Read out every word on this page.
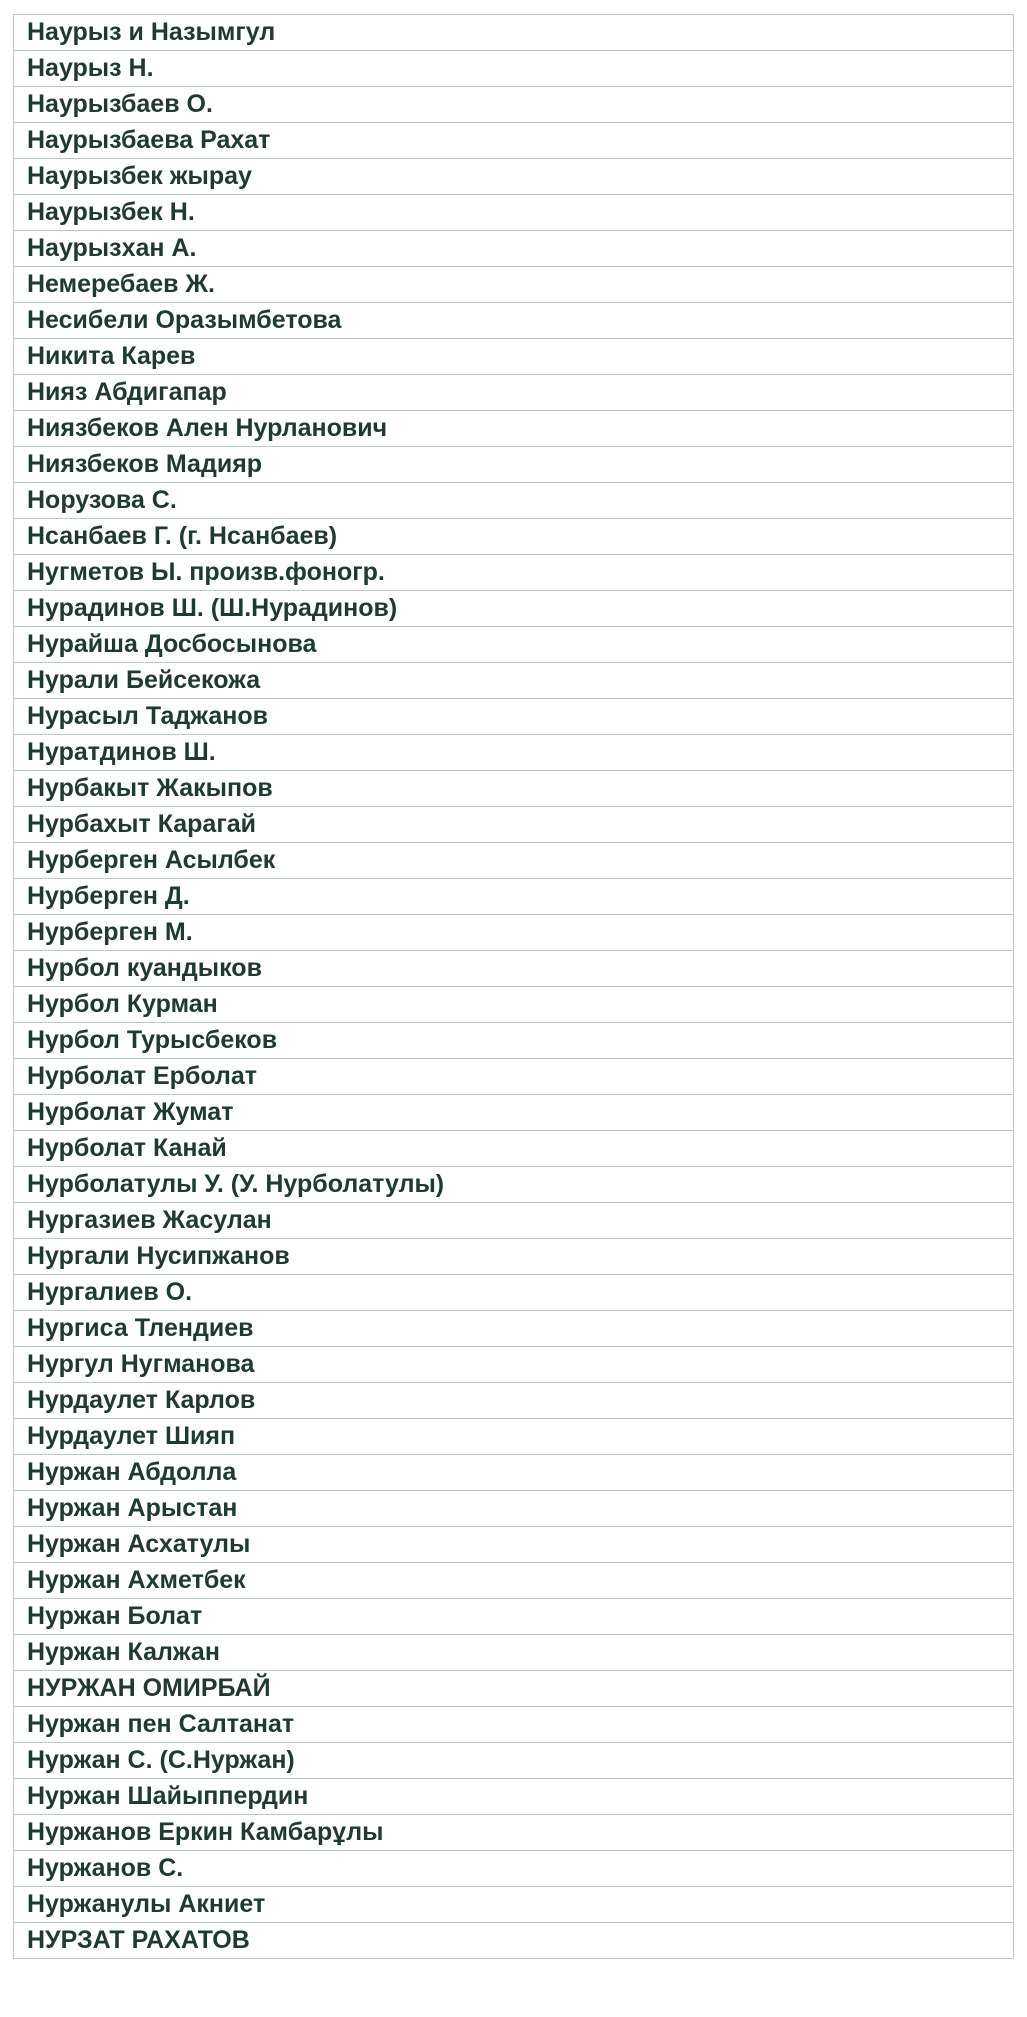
Наурыз и Назымгул
Наурыз Н.
Наурызбаев О.
Наурызбаева Рахат
Наурызбек жырау
Наурызбек Н.
Наурызхан А.
Немеребаев Ж.
Несибели Оразымбетова
Никита Карев
Нияз Абдигапар
Ниязбеков Ален Нурланович
Ниязбеков Мадияр
Норузова С.
Нсанбаев Г. (г. Нсанбаев)
Нугметов Ы. произв.фоногр.
Нурадинов Ш. (Ш.Нурадинов)
Нурайша Досбосынова
Нурали Бейсекожа
Нурасыл Таджанов
Нуратдинов Ш.
Нурбакыт Жакыпов
Нурбахыт Карагай
Нурберген Асылбек
Нурберген Д.
Нурберген М.
Нурбол куандыков
Нурбол Курман
Нурбол Турысбеков
Нурболат Ерболат
Нурболат Жумат
Нурболат Канай
Нурболатулы У. (У. Нурболатулы)
Нургазиев Жасулан
Нургали Нусипжанов
Нургалиев О.
Нургиса Тлендиев
Нургул Нугманова
Нурдаулет Карлов
Нурдаулет Шияп
Нуржан Абдолла
Нуржан Арыстан
Нуржан Асхатулы
Нуржан Ахметбек
Нуржан Болат
Нуржан Калжан
НУРЖАН ОМИРБАЙ
Нуржан пен Салтанат
Нуржан С. (С.Нуржан)
Нуржан Шайыппердин
Нуржанов Еркин Камбарұлы
Нуржанов С.
Нуржанулы Акниет
НУРЗАТ РАХАТОВ
